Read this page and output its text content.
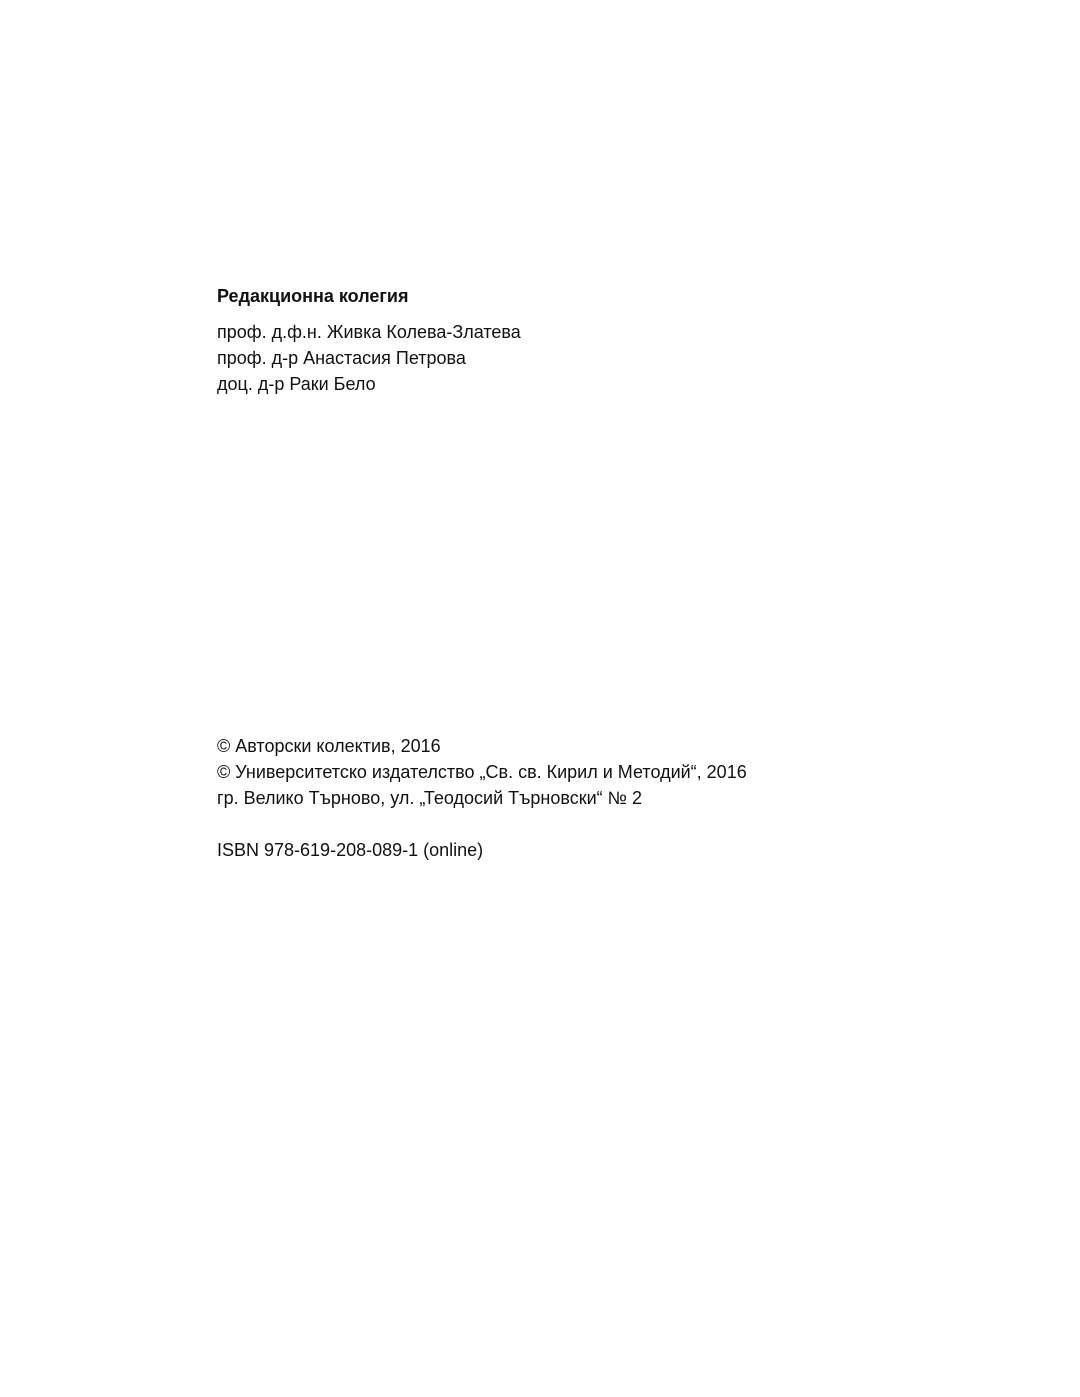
Редакционна колегия
проф. д.ф.н. Живка Колева-Златева
проф. д-р Анастасия Петрова
доц. д-р Раки Бело
© Авторски колектив, 2016
© Университетско издателство „Св. св. Кирил и Методий“, 2016
гр. Велико Търново, ул. „Теодосий Търновски“ № 2
ISBN 978-619-208-089-1 (online)
